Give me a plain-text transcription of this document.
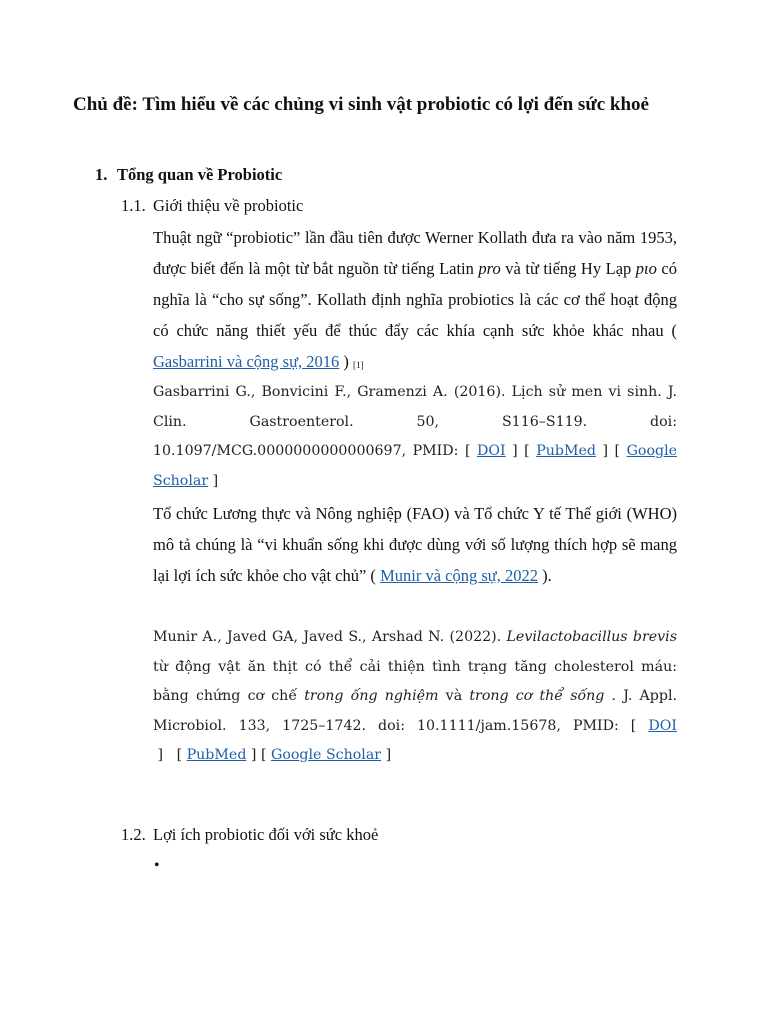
Chủ đề: Tìm hiểu về các chủng vi sinh vật probiotic có lợi đến sức khoẻ
1. Tổng quan về Probiotic
1.1. Giới thiệu về probiotic
Thuật ngữ “probiotic” lần đầu tiên được Werner Kollath đưa ra vào năm 1953, được biết đến là một từ bắt nguồn từ tiếng Latin pro và từ tiếng Hy Lạp pιο có nghĩa là “cho sự sống”. Kollath định nghĩa probiotics là các cơ thể hoạt động có chức năng thiết yếu để thúc đẩy các khía cạnh sức khỏe khác nhau ( Gasbarrini và cộng sự, 2016 ) [1]
Gasbarrini G., Bonvicini F., Gramenzi A. (2016). Lịch sử men vi sinh. J. Clin. Gastroenterol. 50, S116–S119. doi: 10.1097/MCG.0000000000000697, PMID: [ DOI ] [ PubMed ] [ Google Scholar ]
Tổ chức Lương thực và Nông nghiệp (FAO) và Tổ chức Y tế Thế giới (WHO) mô tả chúng là “vi khuẩn sống khi được dùng với số lượng thích hợp sẽ mang lại lợi ích sức khỏe cho vật chủ” ( Munir và cộng sự, 2022 ).
Munir A., Javed GA, Javed S., Arshad N. (2022). Levilactobacillus brevis từ động vật ăn thịt có thể cải thiện tình trạng tăng cholesterol máu: bằng chứng cơ chế trong ống nghiệm và trong cơ thể sống . J. Appl. Microbiol. 133, 1725–1742. doi: 10.1111/jam.15678, PMID: [ DOI ]   [ PubMed ] [ Google Scholar ]
1.2. Lợi ích probiotic đối với sức khoẻ
•
